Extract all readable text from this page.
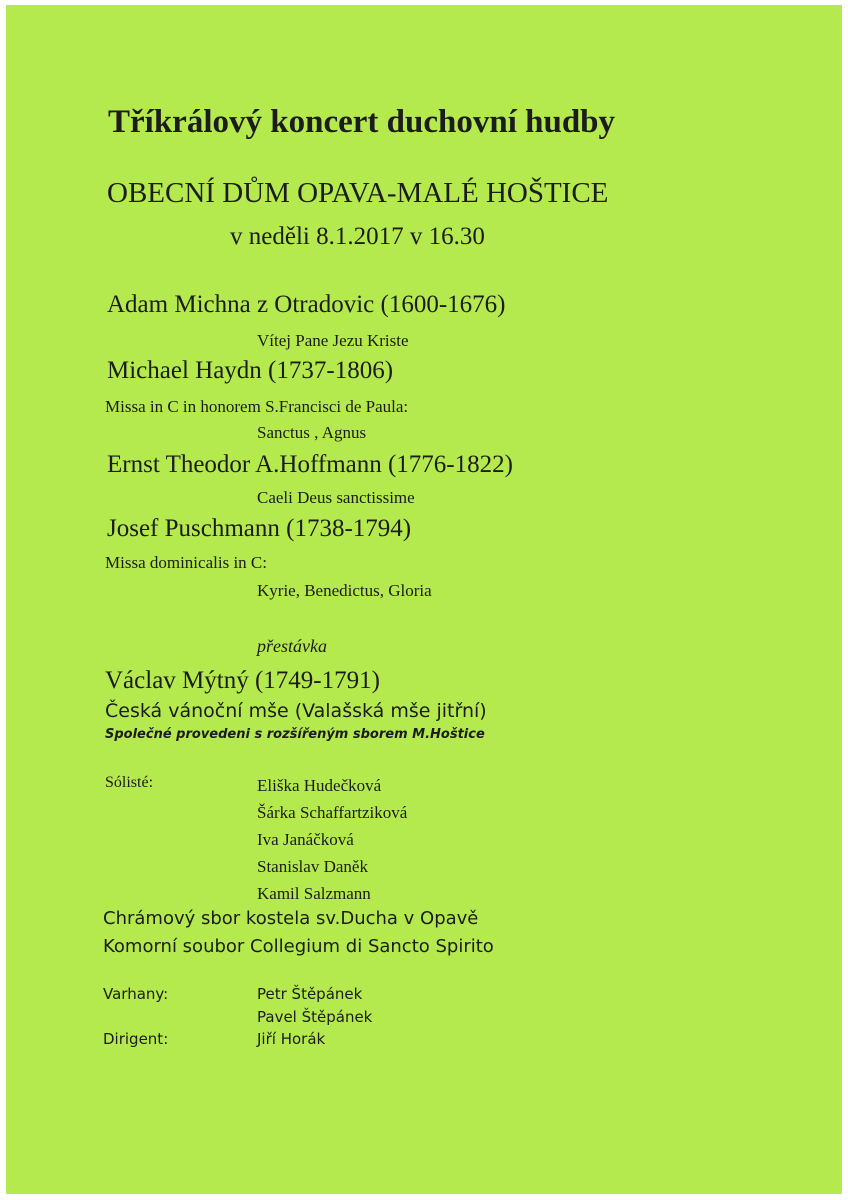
Tříkrálový koncert duchovní hudby
OBECNÍ DŮM OPAVA-MALÉ HOŠTICE
v neděli 8.1.2017 v 16.30
Adam Michna z Otradovic (1600-1676)
Vítej Pane Jezu Kriste
Michael Haydn (1737-1806)
Missa in C in honorem S.Francisci de Paula:
Sanctus , Agnus
Ernst Theodor A.Hoffmann (1776-1822)
Caeli Deus sanctissime
Josef Puschmann (1738-1794)
Missa dominicalis in C:
Kyrie, Benedictus, Gloria
přestávka
Václav Mýtný (1749-1791)
Česká vánoční mše (Valašská mše jitřní)
Společné provedeni s rozšířeným sborem M.Hoštice
Sólisté:	Eliška Hudečková
Šárka Schaffartziková
Iva Janáčková
Stanislav Daněk
Kamil Salzmann
Chrámový sbor kostela sv.Ducha v Opavě
Komorní soubor Collegium di Sancto Spirito
Varhany:	Petr Štěpánek
Pavel Štěpánek
Dirigent:	Jiří Horák
